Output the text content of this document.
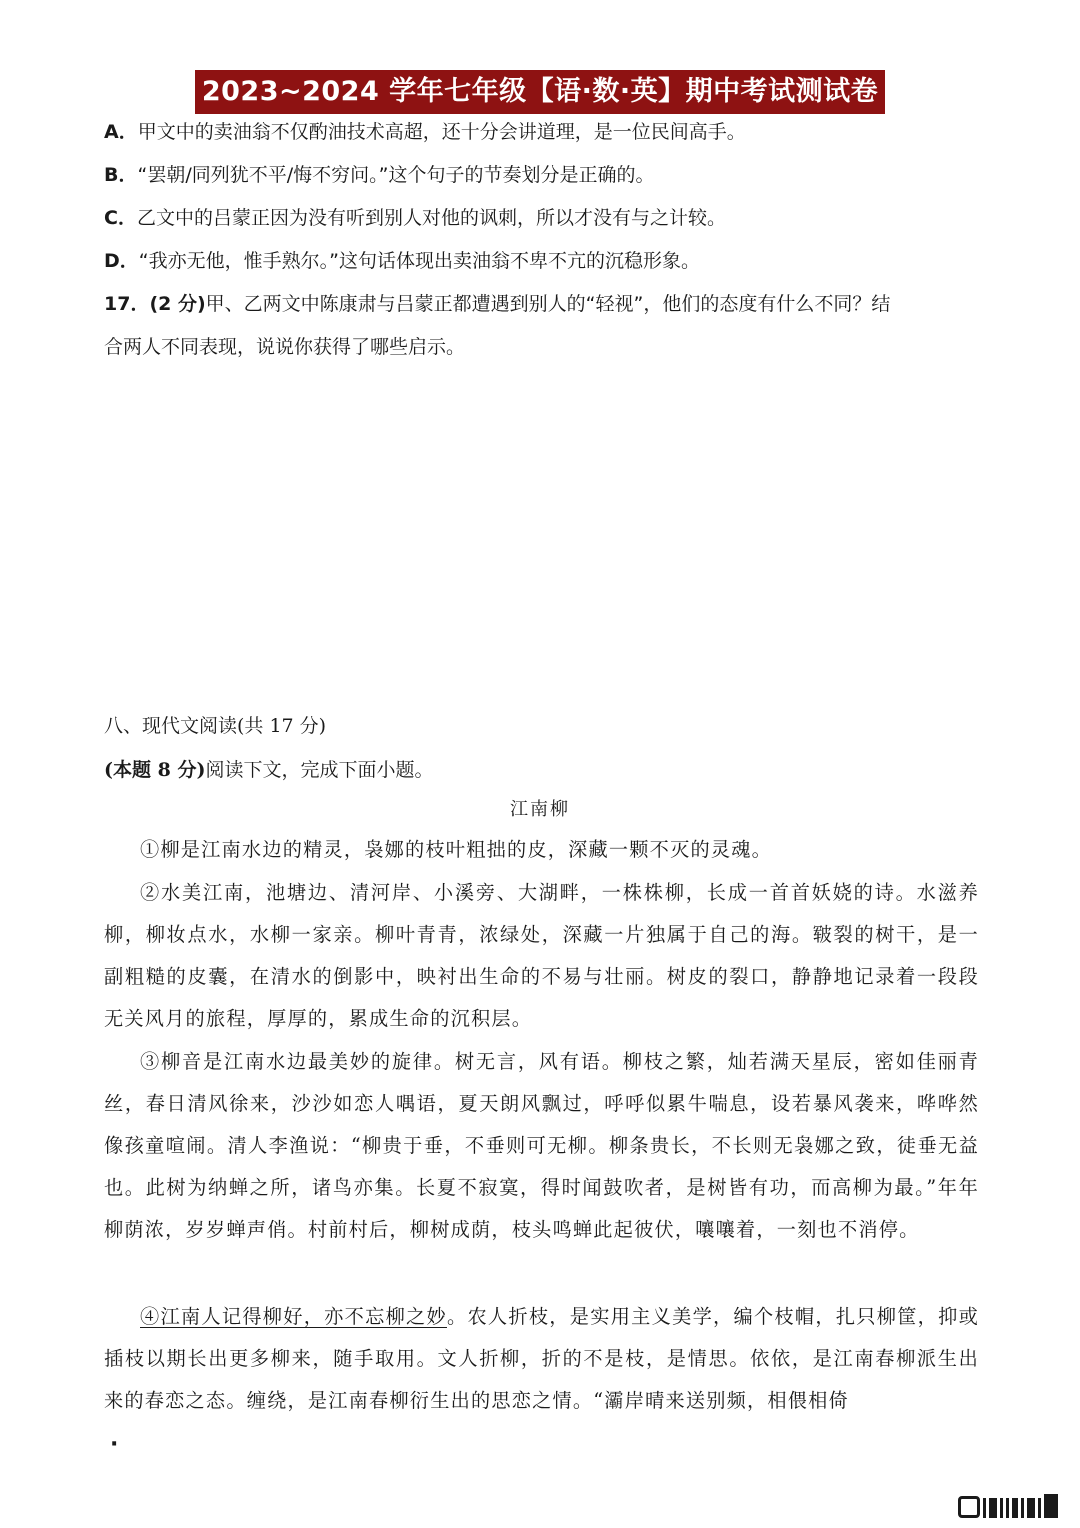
2023~2024 学年七年级【语·数·英】期中考试测试卷
A．甲文中的卖油翁不仅酌油技术高超，还十分会讲道理，是一位民间高手。
B．“罢朝/同列犹不平/悔不穷问。”这个句子的节奏划分是正确的。
C．乙文中的吕蒙正因为没有听到别人对他的讽刺，所以才没有与之计较。
D．“我亦无他，惟手熟尔。”这句话体现出卖油翁不卑不亢的沉稳形象。
17．(2 分)甲、乙两文中陈康肃与吕蒙正都遭遇到别人的“轻视”，他们的态度有什么不同？结
合两人不同表现，说说你获得了哪些启示。
八、现代文阅读(共 17 分)
(本题 8 分)阅读下文，完成下面小题。
江南柳

①柳是江南水边的精灵，袅娜的枝叶粗拙的皮，深藏一颗不灭的灵魂。

②水美江南，池塘边、清河岸、小溪旁、大湖畔，一株株柳，长成一首首妖娆的诗。水滋养柳，柳妆点水，水柳一家亲。柳叶青青，浓绿处，深藏一片独属于自己的海。皲裂的树干，是一副粗糙的皮囊，在清水的倒影中，映衬出生命的不易与壮丽。树皮的裂口，静静地记录着一段段无关风月的旅程，厚厚的，累成生命的沉积层。

③柳音是江南水边最美妙的旋律。树无言，风有语。柳枝之繁，灿若满天星辰，密如佳丽青丝，春日清风徐来，沙沙如恋人喁语，夏天朗风飘过，呼呼似累牛喘息，设若暴风袭来，哗哗然像孩童喧闹。清人李渔说：“柳贵于垂，不垂则可无柳。柳条贵长，不长则无袅娜之致，徒垂无益也。此树为纳蝉之所，诸鸟亦集。长夏不寂寞，得时闻鼓吹者，是树皆有功，而高柳为最。”年年柳荫浓，岁岁蝉声俏。村前村后，柳树成荫，枝头鸣蝉此起彼伏，嚷嚷着，一刻也不消停。

④江南人记得柳好，亦不忘柳之妙。农人折枝，是实用主义美学，编个枝帽，扎只柳筐，抑或插枝以期长出更多柳来，随手取用。文人折柳，折的不是枝，是情思。依依，是江南春柳派生出来的春恋之态。缠绕，是江南春柳衍生出的思恋之情。“灞岸晴来送别频，相偎相倚

·
